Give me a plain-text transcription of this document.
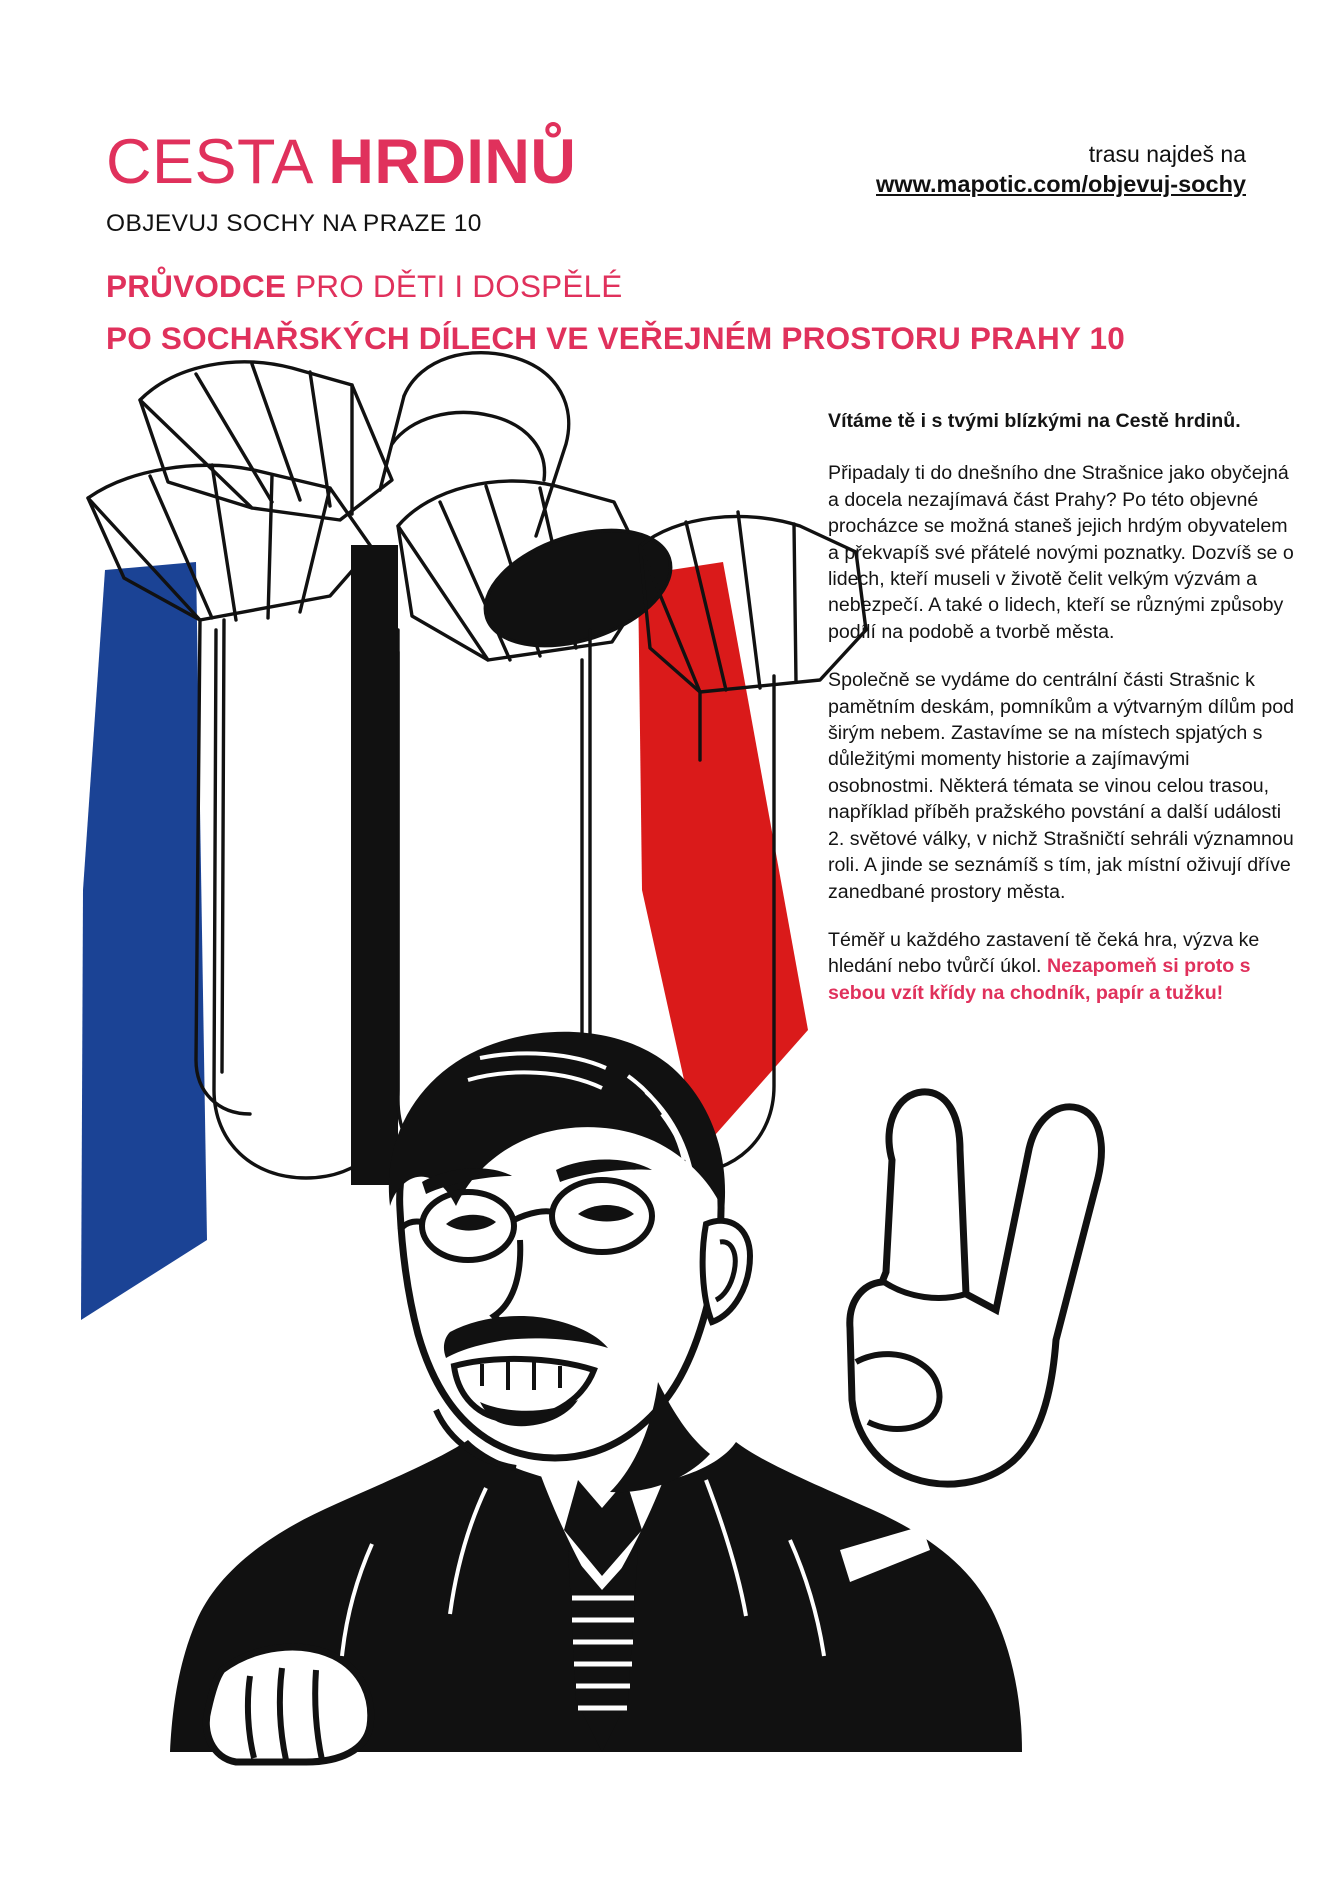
CESTA HRDINŮ	trasu najdeš na
www.mapotic.com/objevuj-sochy
OBJEVUJ SOCHY NA PRAZE 10
PRŮVODCE PRO DĚTI I DOSPĚLÉ
PO SOCHAŘSKÝCH DÍLECH VE VEŘEJNÉM PROSTORU PRAHY 10

Vítáme tě i s tvými blízkými na Cestě hrdinů.

Připadaly ti do dnešního dne Strašnice jako obyčejná a docela nezajímavá část Prahy? Po této objevné procházce se možná staneš jejich hrdým obyvatelem a překvapíš své přátelé novými poznatky. Dozvíš se o lidech, kteří museli v životě čelit velkým výzvám a nebezpečí. A také o lidech, kteří se různými způsoby podílí na podobě a tvorbě města.

Společně se vydáme do centrální části Strašnic k pamětním deskám, pomníkům a výtvarným dílům pod širým nebem. Zastavíme se na místech spjatých s důležitými momenty historie a zajímavými osobnostmi. Některá témata se vinou celou trasou, například příběh pražského povstání a další události 2. světové války, v nichž Strašničtí sehráli významnou roli. A jinde se seznámíš s tím, jak místní oživují dříve zanedbané prostory města.

Téměř u každého zastavení tě čeká hra, výzva ke hledání nebo tvůrčí úkol. Nezapomeň si proto s sebou vzít křídy na chodník, papír a tužku!
